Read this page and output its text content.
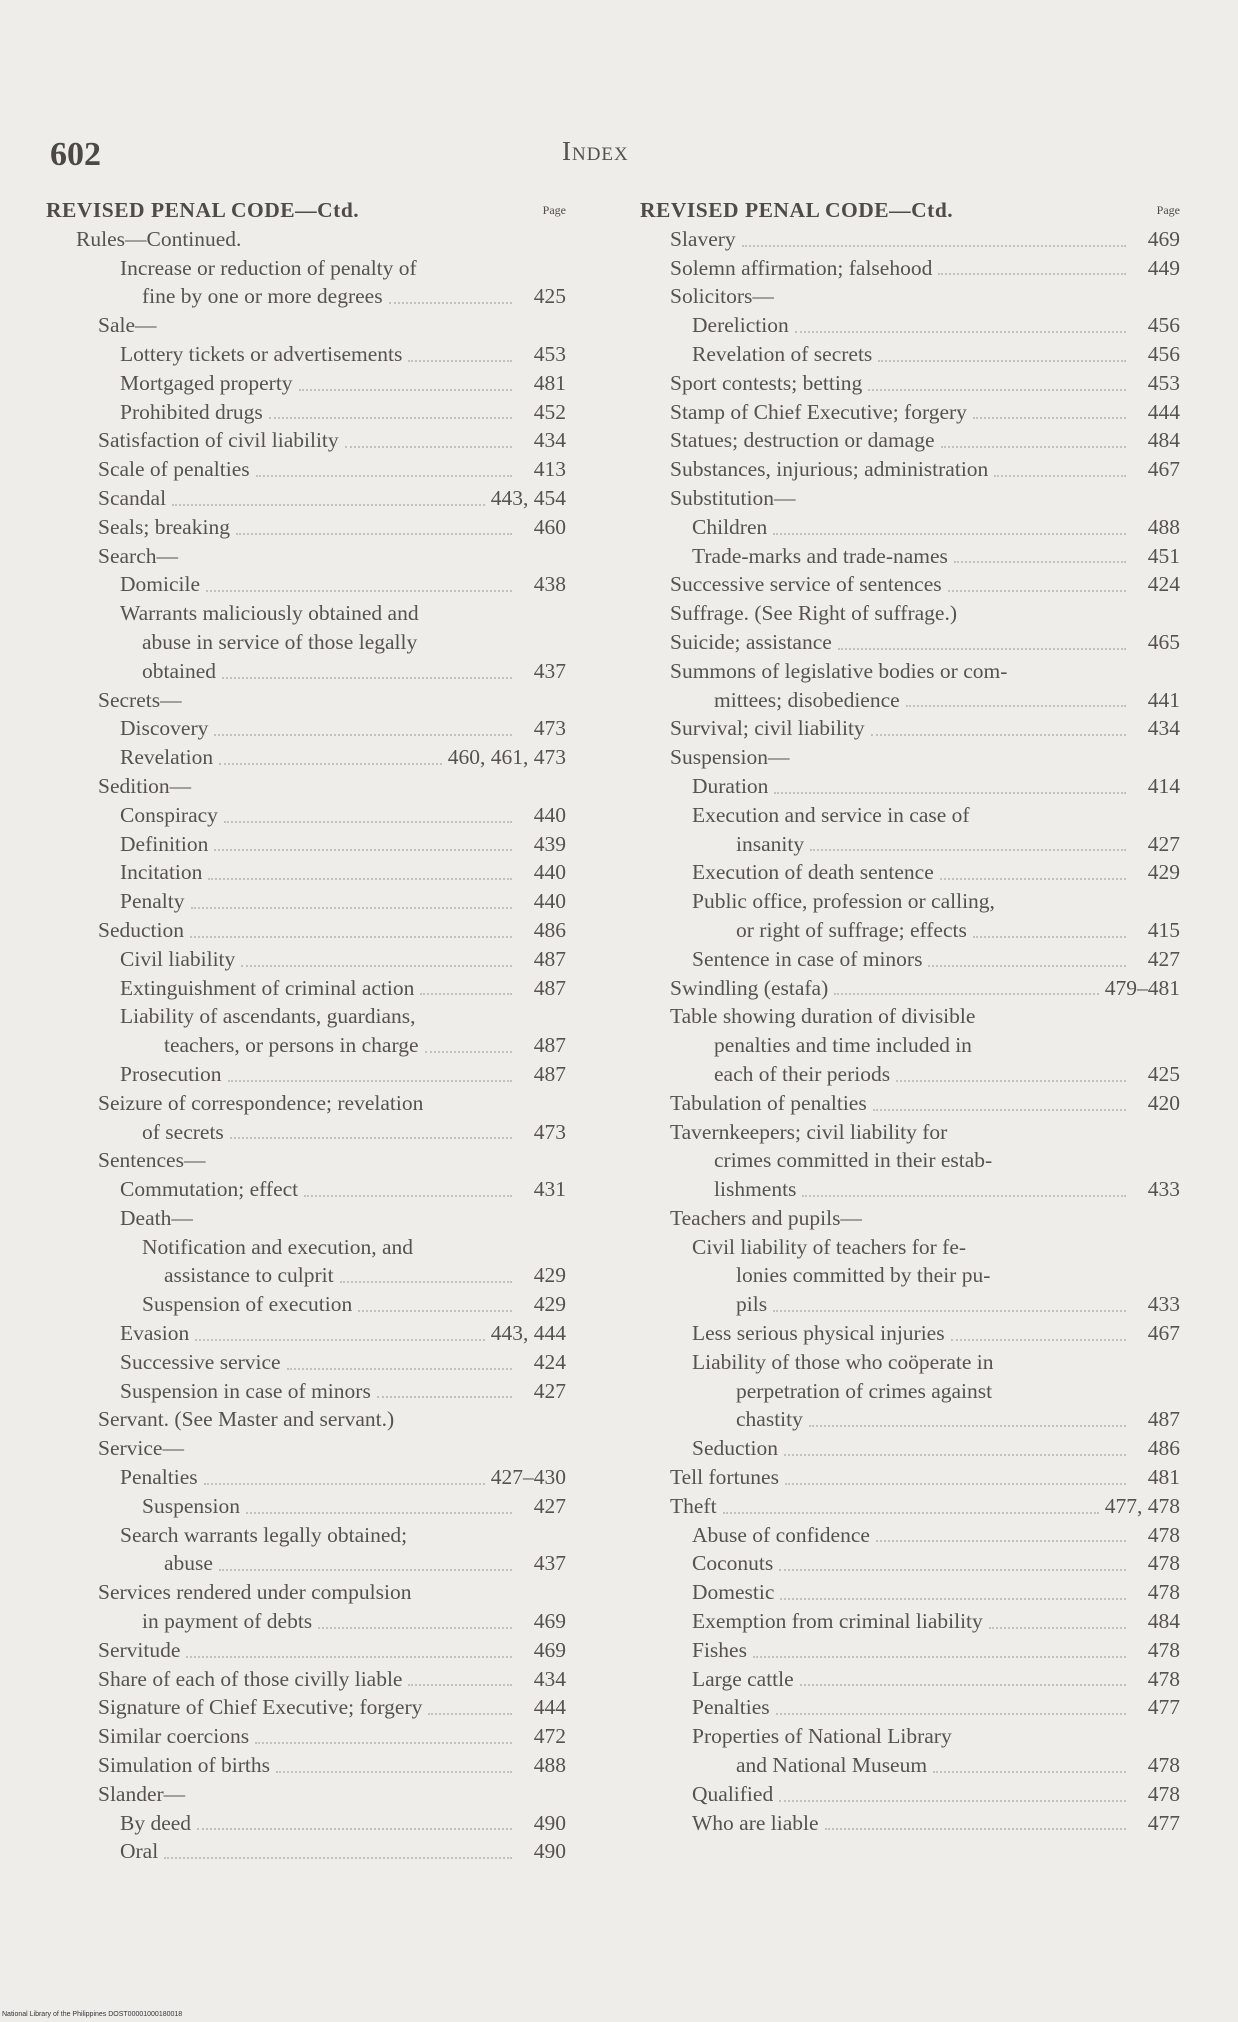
602	Index
REVISED PENAL CODE—Ctd.	Page
Rules—Continued.
Increase or reduction of penalty of
fine by one or more degrees	425
Sale—
Lottery tickets or advertisements	453
Mortgaged property	481
Prohibited drugs	452
Satisfaction of civil liability	434
Scale of penalties	413
Scandal	443, 454
Seals; breaking	460
Search—
Domicile	438
Warrants maliciously obtained and
abuse in service of those legally
obtained	437
Secrets—
Discovery	473
Revelation	460, 461, 473
Sedition—
Conspiracy	440
Definition	439
Incitation	440
Penalty	440
Seduction	486
Civil liability	487
Extinguishment of criminal action	487
Liability of ascendants, guardians,
teachers, or persons in charge	487
Prosecution	487
Seizure of correspondence; revelation
of secrets	473
Sentences—
Commutation; effect	431
Death—
Notification and execution, and
assistance to culprit	429
Suspension of execution	429
Evasion	443, 444
Successive service	424
Suspension in case of minors	427
Servant. (See Master and servant.)
Service—
Penalties	427–430
Suspension	427
Search warrants legally obtained;
abuse	437
Services rendered under compulsion
in payment of debts	469
Servitude	469
Share of each of those civilly liable	434
Signature of Chief Executive; forgery	444
Similar coercions	472
Simulation of births	488
Slander—
By deed	490
Oral	490
REVISED PENAL CODE—Ctd.	Page
Slavery	469
Solemn affirmation; falsehood	449
Solicitors—
Dereliction	456
Revelation of secrets	456
Sport contests; betting	453
Stamp of Chief Executive; forgery	444
Statues; destruction or damage	484
Substances, injurious; administration	467
Substitution—
Children	488
Trade-marks and trade-names	451
Successive service of sentences	424
Suffrage. (See Right of suffrage.)
Suicide; assistance	465
Summons of legislative bodies or com-
mittees; disobedience	441
Survival; civil liability	434
Suspension—
Duration	414
Execution and service in case of
insanity	427
Execution of death sentence	429
Public office, profession or calling,
or right of suffrage; effects	415
Sentence in case of minors	427
Swindling (estafa)	479–481
Table showing duration of divisible
penalties and time included in
each of their periods	425
Tabulation of penalties	420
Tavernkeepers; civil liability for
crimes committed in their estab-
lishments	433
Teachers and pupils—
Civil liability of teachers for fe-
lonies committed by their pu-
pils	433
Less serious physical injuries	467
Liability of those who coöperate in
perpetration of crimes against
chastity	487
Seduction	486
Tell fortunes	481
Theft	477, 478
Abuse of confidence	478
Coconuts	478
Domestic	478
Exemption from criminal liability	484
Fishes	478
Large cattle	478
Penalties	477
Properties of National Library
and National Museum	478
Qualified	478
Who are liable	477
National Library of the Philippines DOST00001000180018
